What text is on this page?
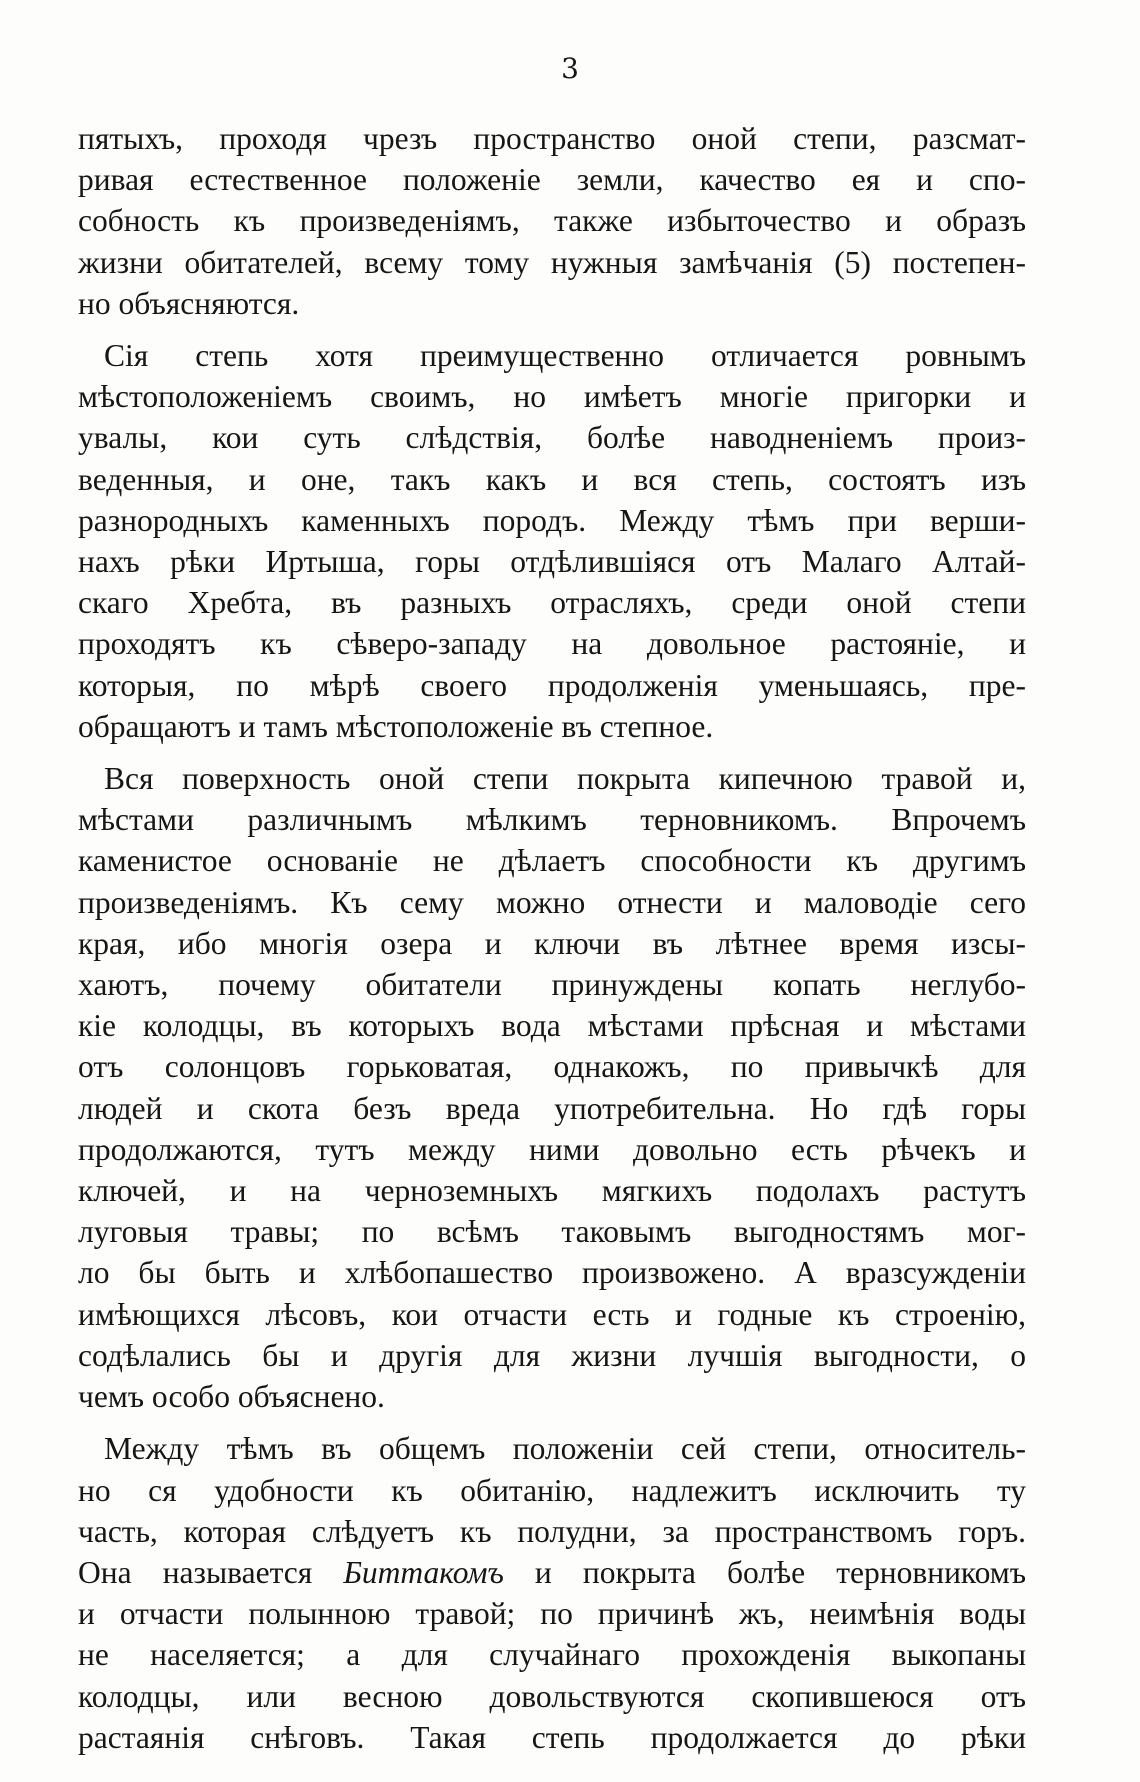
3
пятыхъ, проходя чрезъ пространство оной степи, разсмат-
ривая естественное положеніе земли, качество ея и спо-
собность къ произведеніямъ, также избыточество и образъ
жизни обитателей, всему тому нужныя замѣчанія (5) постепен-
но объясняются.
Сія степь хотя преимущественно отличается ровнымъ
мѣстоположеніемъ своимъ, но имѣетъ многіе пригорки и
увалы, кои суть слѣдствія, болѣе наводненіемъ произ-
веденныя, и оне, такъ какъ и вся степь, состоятъ изъ
разнородныхъ каменныхъ породъ. Между тѣмъ при верши-
нахъ рѣки Иртыша, горы отдѣлившіяся отъ Малаго Алтай-
скаго Хребта, въ разныхъ отрасляхъ, среди оной степи
проходятъ къ сѣверо-западу на довольное растояніе, и
которыя, по мѣрѣ своего продолженія уменьшаясь, пре-
обращаютъ и тамъ мѣстоположеніе въ степное.
Вся поверхность оной степи покрыта кипечною травой и,
мѣстами различнымъ мѣлкимъ терновникомъ. Впрочемъ
каменистое основаніе не дѣлаетъ способности къ другимъ
произведеніямъ. Къ сему можно отнести и маловодіе сего
края, ибо многія озера и ключи въ лѣтнее время изсы-
хаютъ, почему обитатели принуждены копать неглубо-
кіе колодцы, въ которыхъ вода мѣстами прѣсная и мѣстами
отъ солонцовъ горьковатая, однакожъ, по привычкѣ для
людей и скота безъ вреда употребительна. Но гдѣ горы
продолжаются, тутъ между ними довольно есть рѣчекъ и
ключей, и на черноземныхъ мягкихъ подолахъ растутъ
луговыя травы; по всѣмъ таковымъ выгодностямъ мог-
ло бы быть и хлѣбопашество произвожено. А вразсужденіи
имѣющихся лѣсовъ, кои отчасти есть и годные къ строенію,
содѣлались бы и другія для жизни лучшія выгодности, о
чемъ особо объяснено.
Между тѣмъ въ общемъ положеніи сей степи, относитель-
но ся удобности къ обитанію, надлежитъ исключить ту
часть, которая слѣдуетъ къ полудни, за пространствомъ горъ.
Она называется Биттакомъ и покрыта болѣе терновникомъ
и отчасти полынною травой; по причинѣ жъ, неимѣнія воды
не населяется; а для случайнаго прохожденія выкопаны
колодцы, или весною довольствуются скопившеюся отъ
растаянія снѣговъ. Такая степь продолжается до рѣки
